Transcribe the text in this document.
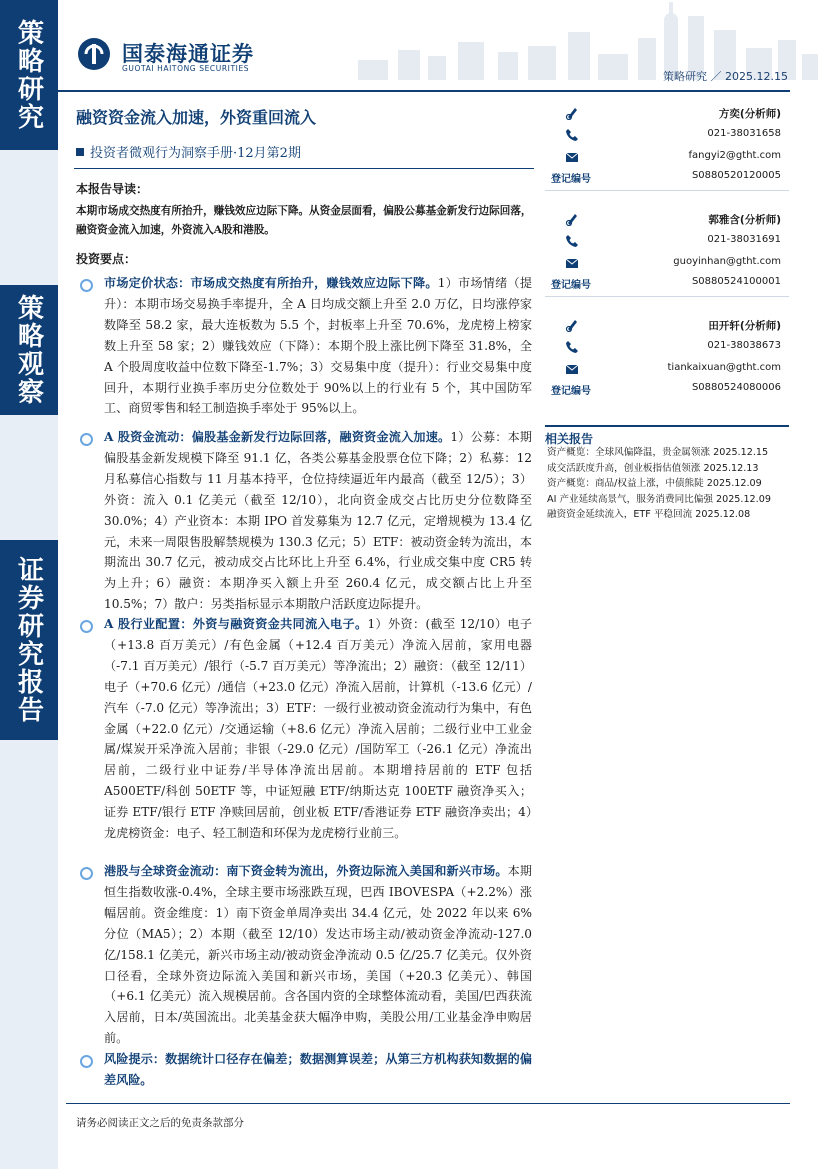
策略研究
策略观察
证券研究报告
国泰海通证券
GUOTAI HAITONG SECURITIES
策略研究 ／ 2025.12.15
融资资金流入加速，外资重回流入
投资者微观行为洞察手册·12月第2期
本报告导读：
本期市场成交热度有所抬升，赚钱效应边际下降。从资金层面看，偏股公募基金新发行边际回落，融资资金流入加速，外资流入A股和港股。
投资要点：
市场定价状态：市场成交热度有所抬升，赚钱效应边际下降。1）市场情绪（提升）：本期市场交易换手率提升，全 A 日均成交额上升至 2.0 万亿，日均涨停家数降至 58.2 家，最大连板数为 5.5 个，封板率上升至 70.6%，龙虎榜上榜家数上升至 58 家；2）赚钱效应（下降）：本期个股上涨比例下降至 31.8%，全 A 个股周度收益中位数下降至-1.7%；3）交易集中度（提升）：行业交易集中度回升，本期行业换手率历史分位数处于 90%以上的行业有 5 个，其中国防军工、商贸零售和轻工制造换手率处于 95%以上。
A 股资金流动：偏股基金新发行边际回落，融资资金流入加速。1）公募：本期偏股基金新发规模下降至 91.1 亿，各类公募基金股票仓位下降；2）私募：12 月私募信心指数与 11 月基本持平，仓位持续逼近年内最高（截至 12/5）；3）外资：流入 0.1 亿美元（截至 12/10），北向资金成交占比历史分位数降至 30.0%；4）产业资本：本期 IPO 首发募集为 12.7 亿元，定增规模为 13.4 亿元，未来一周限售股解禁规模为 130.3 亿元；5）ETF：被动资金转为流出，本期流出 30.7 亿元，被动成交占比环比上升至 6.4%，行业成交集中度 CR5 转为上升；6）融资：本期净买入额上升至 260.4 亿元，成交额占比上升至 10.5%；7）散户：另类指标显示本期散户活跃度边际提升。
A 股行业配置：外资与融资资金共同流入电子。1）外资：(截至 12/10）电子（+13.8 百万美元）/有色金属（+12.4 百万美元）净流入居前，家用电器（-7.1 百万美元）/银行（-5.7 百万美元）等净流出；2）融资：（截至 12/11）电子（+70.6 亿元）/通信（+23.0 亿元）净流入居前，计算机（-13.6 亿元）/汽车（-7.0 亿元）等净流出；3）ETF：一级行业被动资金流动行为集中，有色金属（+22.0 亿元）/交通运输（+8.6 亿元）净流入居前；二级行业中工业金属/煤炭开采净流入居前；非银（-29.0 亿元）/国防军工（-26.1 亿元）净流出居前，二级行业中证券/半导体净流出居前。本期增持居前的 ETF 包括A500ETF/科创 50ETF 等，中证短融 ETF/纳斯达克 100ETF 融资净买入；证券 ETF/银行 ETF 净赎回居前，创业板 ETF/香港证券 ETF 融资净卖出；4）龙虎榜资金：电子、轻工制造和环保为龙虎榜行业前三。
港股与全球资金流动：南下资金转为流出，外资边际流入美国和新兴市场。本期恒生指数收涨-0.4%，全球主要市场涨跌互现，巴西 IBOVESPA（+2.2%）涨幅居前。资金维度：1）南下资金单周净卖出 34.4 亿元，处 2022 年以来 6%分位（MA5）；2）本期（截至 12/10）发达市场主动/被动资金净流动-127.0 亿/158.1 亿美元，新兴市场主动/被动资金净流动 0.5 亿/25.7 亿美元。仅外资口径看，全球外资边际流入美国和新兴市场，美国（+20.3 亿美元）、韩国（+6.1 亿美元）流入规模居前。含各国内资的全球整体流动看，美国/巴西获流入居前，日本/英国流出。北美基金获大幅净申购，美股公用/工业基金净申购居前。
风险提示：数据统计口径存在偏差；数据测算误差；从第三方机构获知数据的偏差风险。
方奕(分析师)
021-38031658
fangyi2@gtht.com
登记编号	S0880520120005
郭雅含(分析师)
021-38031691
guoyinhan@gtht.com
登记编号	S0880524100001
田开轩(分析师)
021-38038673
tiankaixuan@gtht.com
登记编号	S0880524080006
相关报告
资产概览：全球风偏降温，贵金属领涨 2025.12.15
成交活跃度升高，创业板指估值领涨 2025.12.13
资产概览：商品/权益上涨，中债熊陡 2025.12.09
AI 产业延续高景气，服务消费同比偏强 2025.12.09
融资资金延续流入，ETF 平稳回流 2025.12.08
请务必阅读正文之后的免责条款部分
